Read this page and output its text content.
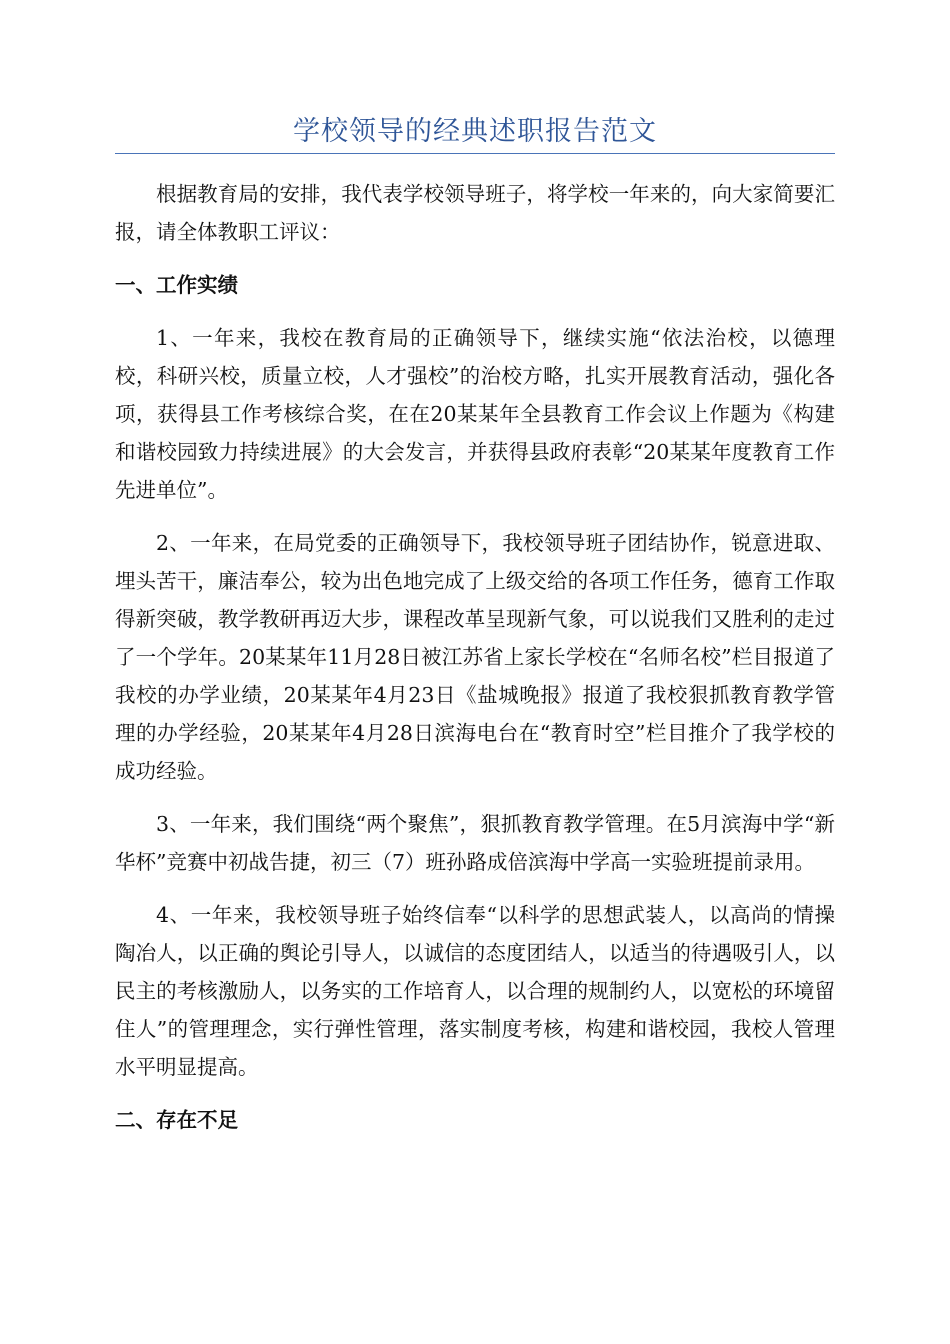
学校领导的经典述职报告范文

根据教育局的安排，我代表学校领导班子，将学校一年来的，向大家简要汇报，请全体教职工评议：

一、工作实绩

1、一年来，我校在教育局的正确领导下，继续实施“依法治校，以德理校，科研兴校，质量立校，人才强校”的治校方略，扎实开展教育活动，强化各项，获得县工作考核综合奖，在在20某某年全县教育工作会议上作题为《构建和谐校园致力持续进展》的大会发言，并获得县政府表彰“20某某年度教育工作先进单位”。

2、一年来，在局党委的正确领导下，我校领导班子团结协作，锐意进取、埋头苦干，廉洁奉公，较为出色地完成了上级交给的各项工作任务，德育工作取得新突破，教学教研再迈大步，课程改革呈现新气象，可以说我们又胜利的走过了一个学年。20某某年11月28日被江苏省上家长学校在“名师名校”栏目报道了我校的办学业绩，20某某年4月23日《盐城晚报》报道了我校狠抓教育教学管理的办学经验，20某某年4月28日滨海电台在“教育时空”栏目推介了我学校的成功经验。

3、一年来，我们围绕“两个聚焦”，狠抓教育教学管理。在5月滨海中学“新华杯”竞赛中初战告捷，初三（7）班孙路成倍滨海中学高一实验班提前录用。

4、一年来，我校领导班子始终信奉“以科学的思想武装人，以高尚的情操陶冶人，以正确的舆论引导人，以诚信的态度团结人，以适当的待遇吸引人，以民主的考核激励人，以务实的工作培育人，以合理的规制约人，以宽松的环境留住人”的管理理念，实行弹性管理，落实制度考核，构建和谐校园，我校人管理水平明显提高。

二、存在不足
